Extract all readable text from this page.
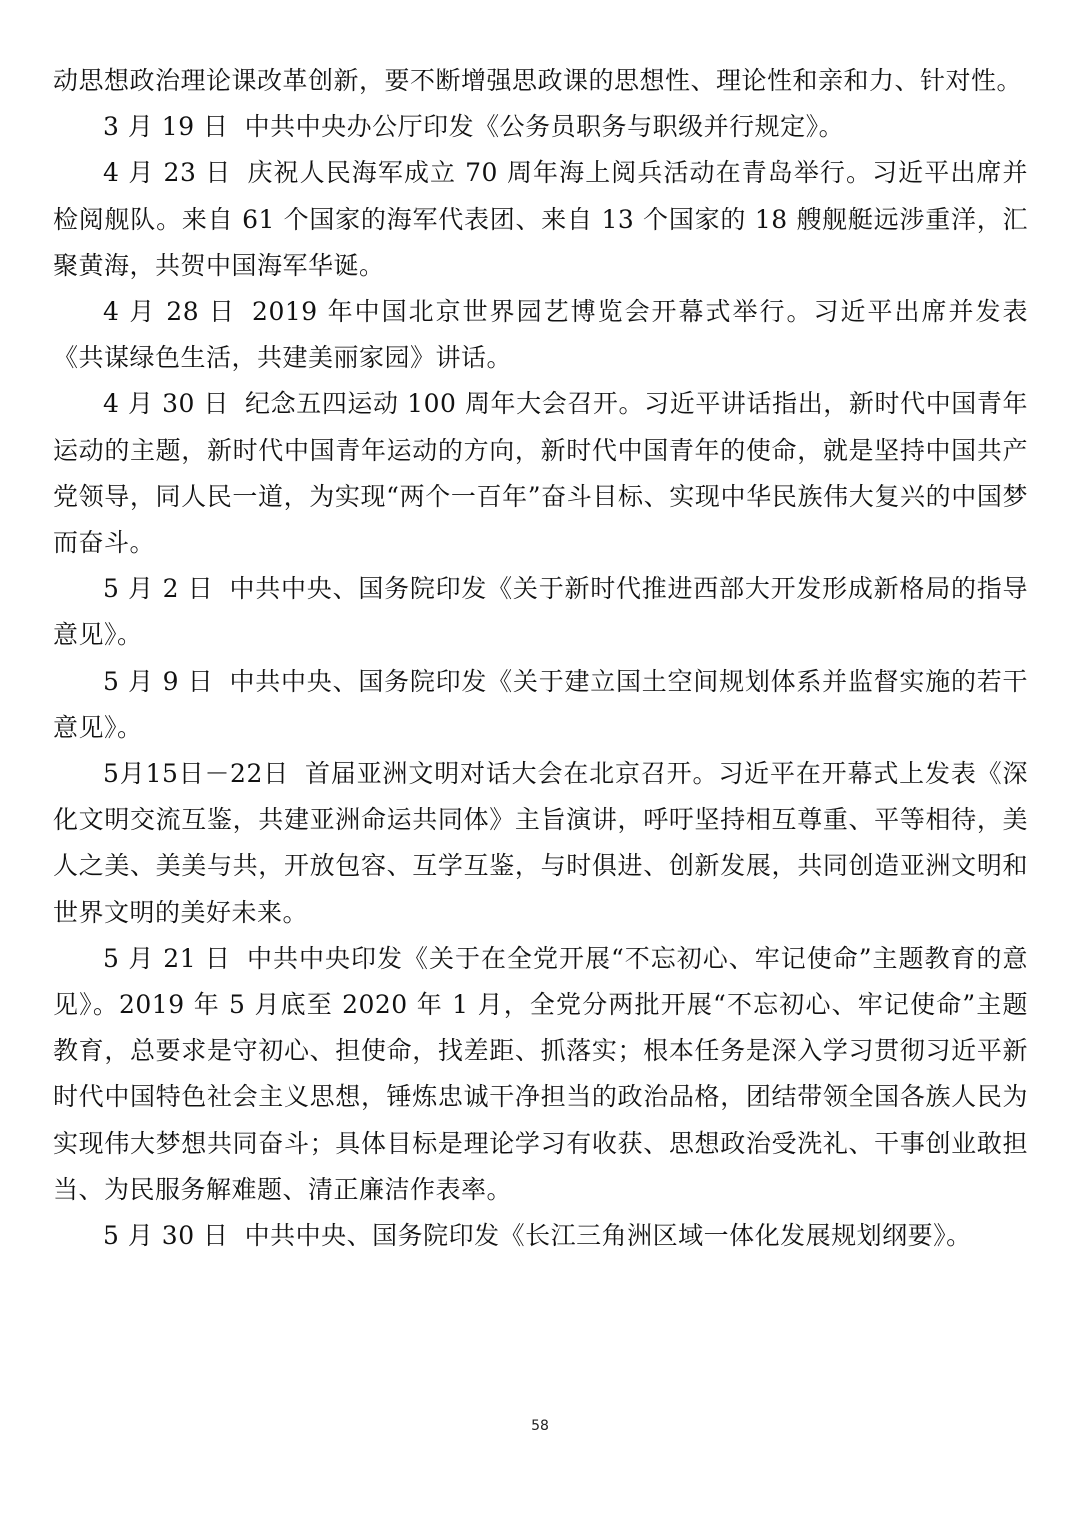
动思想政治理论课改革创新，要不断增强思政课的思想性、理论性和亲和力、针对性。

3 月 19 日 中共中央办公厅印发《公务员职务与职级并行规定》。

4 月 23 日 庆祝人民海军成立 70 周年海上阅兵活动在青岛举行。习近平出席并检阅舰队。来自 61 个国家的海军代表团、来自 13 个国家的 18 艘舰艇远涉重洋，汇聚黄海，共贺中国海军华诞。

4 月 28 日 2019 年中国北京世界园艺博览会开幕式举行。习近平出席并发表《共谋绿色生活，共建美丽家园》讲话。

4 月 30 日 纪念五四运动 100 周年大会召开。习近平讲话指出，新时代中国青年运动的主题，新时代中国青年运动的方向，新时代中国青年的使命，就是坚持中国共产党领导，同人民一道，为实现“两个一百年”奋斗目标、实现中华民族伟大复兴的中国梦而奋斗。

5 月 2 日 中共中央、国务院印发《关于新时代推进西部大开发形成新格局的指导意见》。

5 月 9 日 中共中央、国务院印发《关于建立国土空间规划体系并监督实施的若干意见》。

5月15日－22日 首届亚洲文明对话大会在北京召开。习近平在开幕式上发表《深化文明交流互鉴，共建亚洲命运共同体》主旨演讲，呼吁坚持相互尊重、平等相待，美人之美、美美与共，开放包容、互学互鉴，与时俱进、创新发展，共同创造亚洲文明和世界文明的美好未来。

5 月 21 日 中共中央印发《关于在全党开展“不忘初心、牢记使命”主题教育的意见》。2019 年 5 月底至 2020 年 1 月，全党分两批开展“不忘初心、牢记使命”主题教育，总要求是守初心、担使命，找差距、抓落实；根本任务是深入学习贯彻习近平新时代中国特色社会主义思想，锤炼忠诚干净担当的政治品格，团结带领全国各族人民为实现伟大梦想共同奋斗；具体目标是理论学习有收获、思想政治受洗礼、干事创业敢担当、为民服务解难题、清正廉洁作表率。

5 月 30 日 中共中央、国务院印发《长江三角洲区域一体化发展规划纲要》。

58
